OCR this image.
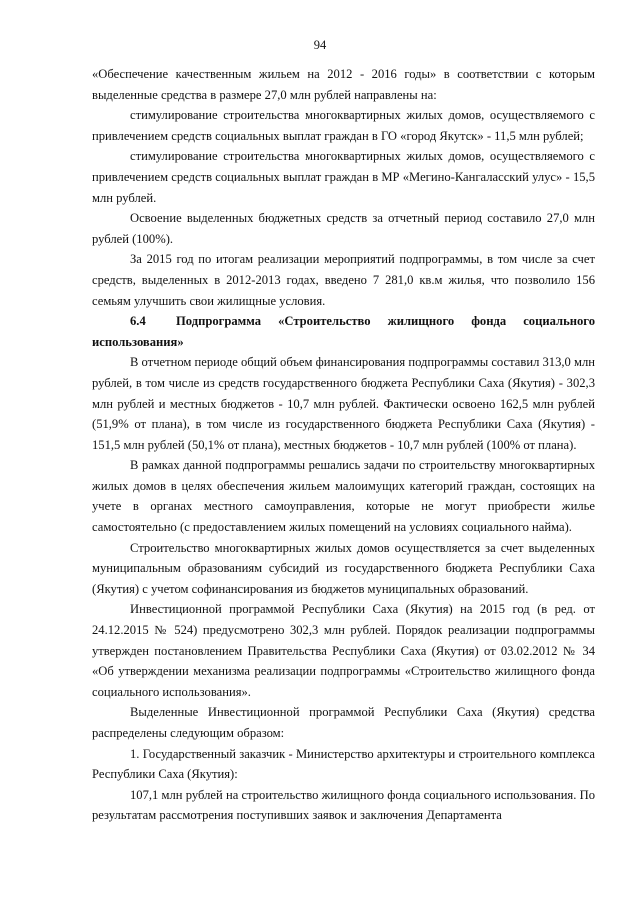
94

«Обеспечение качественным жильем на 2012 - 2016 годы» в соответствии с которым выделенные средства в размере 27,0 млн рублей направлены на:

стимулирование строительства многоквартирных жилых домов, осуществляемого с привлечением средств социальных выплат граждан в ГО «город Якутск» - 11,5 млн рублей;

стимулирование строительства многоквартирных жилых домов, осуществляемого с привлечением средств социальных выплат граждан в МР «Мегино-Кангаласский улус» - 15,5 млн рублей.

Освоение выделенных бюджетных средств за отчетный период составило 27,0 млн рублей (100%).

За 2015 год по итогам реализации мероприятий подпрограммы, в том числе за счет средств, выделенных в 2012-2013 годах, введено 7 281,0 кв.м жилья, что позволило 156 семьям улучшить свои жилищные условия.

6.4 Подпрограмма «Строительство жилищного фонда социального использования»

В отчетном периоде общий объем финансирования подпрограммы составил 313,0 млн рублей, в том числе из средств государственного бюджета Республики Саха (Якутия) - 302,3 млн рублей и местных бюджетов - 10,7 млн рублей. Фактически освоено 162,5 млн рублей (51,9% от плана), в том числе из государственного бюджета Республики Саха (Якутия) - 151,5 млн рублей (50,1% от плана), местных бюджетов - 10,7 млн рублей (100% от плана).

В рамках данной подпрограммы решались задачи по строительству многоквартирных жилых домов в целях обеспечения жильем малоимущих категорий граждан, состоящих на учете в органах местного самоуправления, которые не могут приобрести жилье самостоятельно (с предоставлением жилых помещений на условиях социального найма).

Строительство многоквартирных жилых домов осуществляется за счет выделенных муниципальным образованиям субсидий из государственного бюджета Республики Саха (Якутия) с учетом софинансирования из бюджетов муниципальных образований.

Инвестиционной программой Республики Саха (Якутия) на 2015 год (в ред. от 24.12.2015 № 524) предусмотрено 302,3 млн рублей. Порядок реализации подпрограммы утвержден постановлением Правительства Республики Саха (Якутия) от 03.02.2012 № 34 «Об утверждении механизма реализации подпрограммы «Строительство жилищного фонда социального использования».

Выделенные Инвестиционной программой Республики Саха (Якутия) средства распределены следующим образом:

1. Государственный заказчик - Министерство архитектуры и строительного комплекса Республики Саха (Якутия):

107,1 млн рублей на строительство жилищного фонда социального использования. По результатам рассмотрения поступивших заявок и заключения Департамента
